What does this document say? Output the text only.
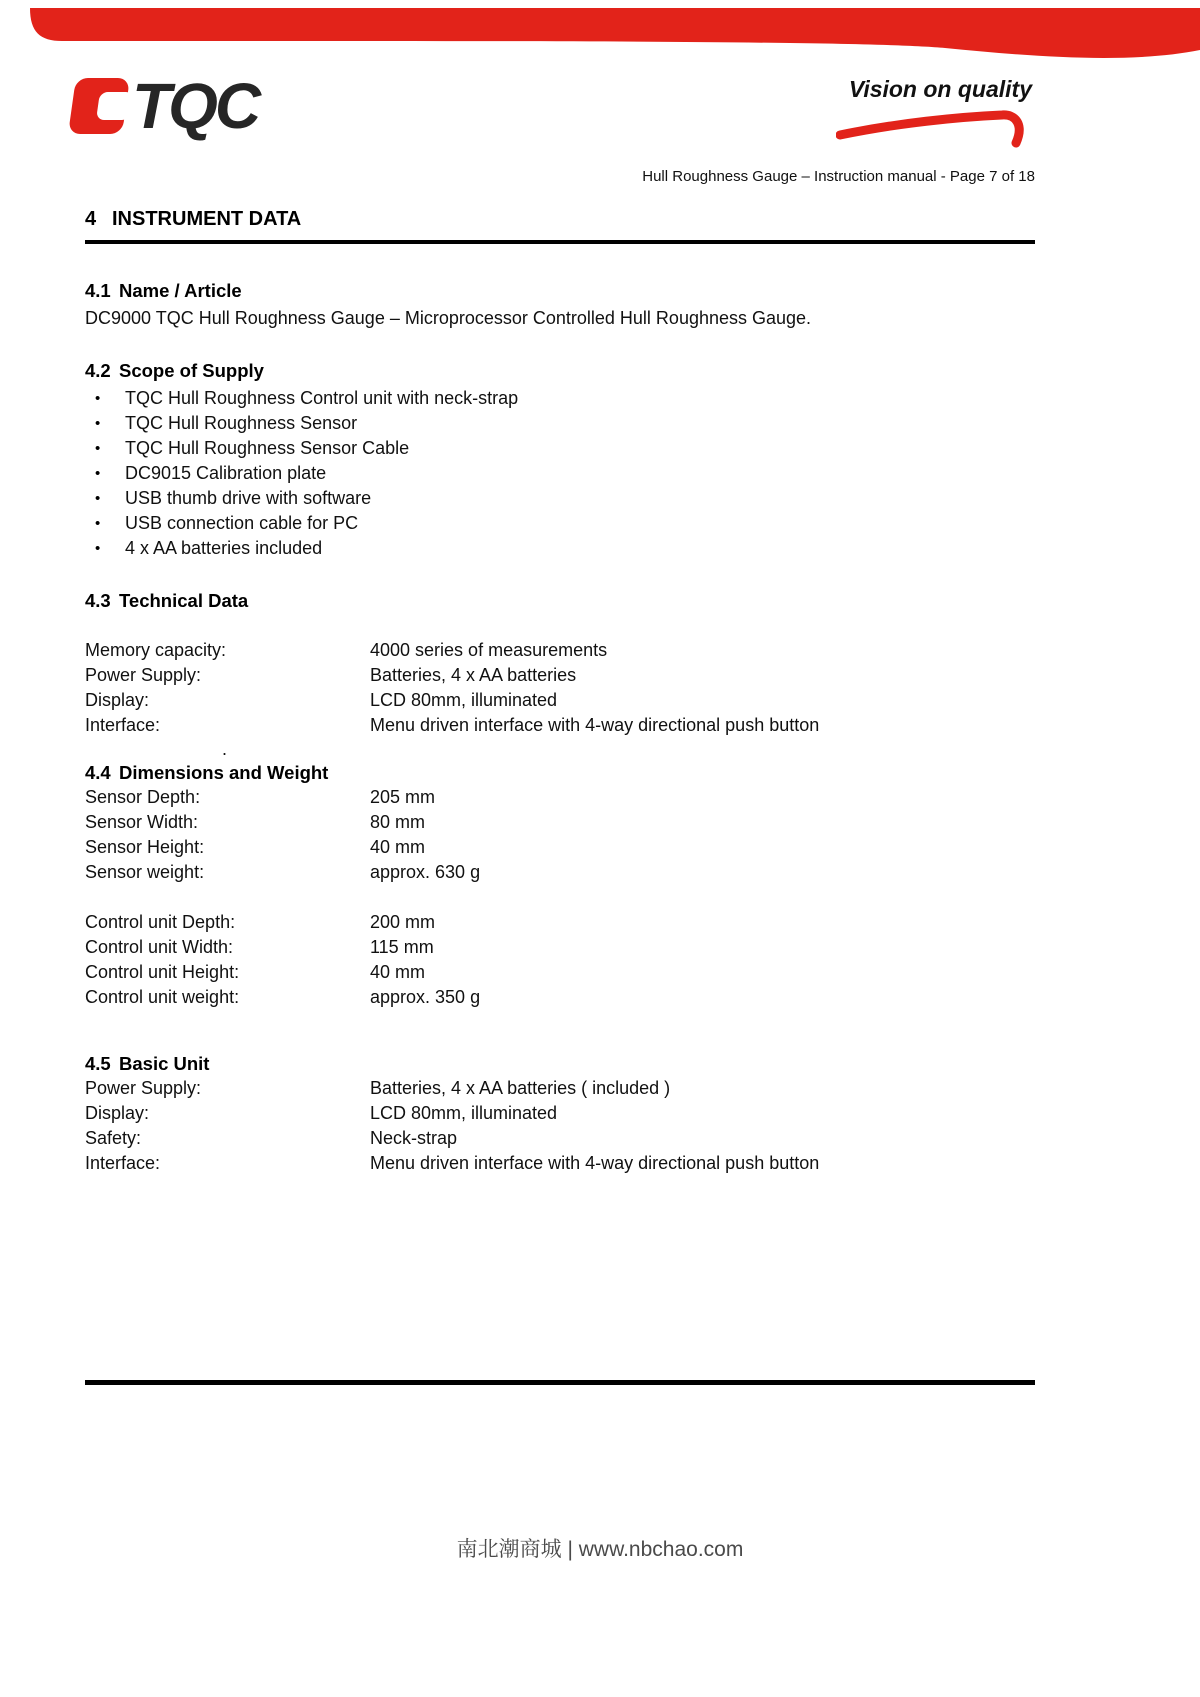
TQC	Vision on quality
Hull Roughness Gauge – Instruction manual - Page 7 of 18
4 INSTRUMENT DATA
4.1 Name / Article

DC9000 TQC Hull Roughness Gauge – Microprocessor Controlled Hull Roughness Gauge.

4.2 Scope of Supply
• TQC Hull Roughness Control unit with neck-strap
• TQC Hull Roughness Sensor
• TQC Hull Roughness Sensor Cable
• DC9015 Calibration plate
• USB thumb drive with software
• USB connection cable for PC
• 4 x AA batteries included
4.3 Technical Data
Memory capacity:	4000 series of measurements
Power Supply:	Batteries, 4 x AA batteries
Display:	LCD 80mm, illuminated
Interface:	Menu driven interface with 4-way directional push button
.
4.4 Dimensions and Weight
Sensor Depth:	205 mm
Sensor Width:	80 mm
Sensor Height:	40 mm
Sensor weight:	approx. 630 g
Control unit Depth:	200 mm
Control unit Width:	115 mm
Control unit Height:	40 mm
Control unit weight:	approx. 350 g
4.5 Basic Unit
Power Supply:	Batteries, 4 x AA batteries ( included )
Display:	LCD 80mm, illuminated
Safety:	Neck-strap
Interface:	Menu driven interface with 4-way directional push button
南北潮商城 | www.nbchao.com
